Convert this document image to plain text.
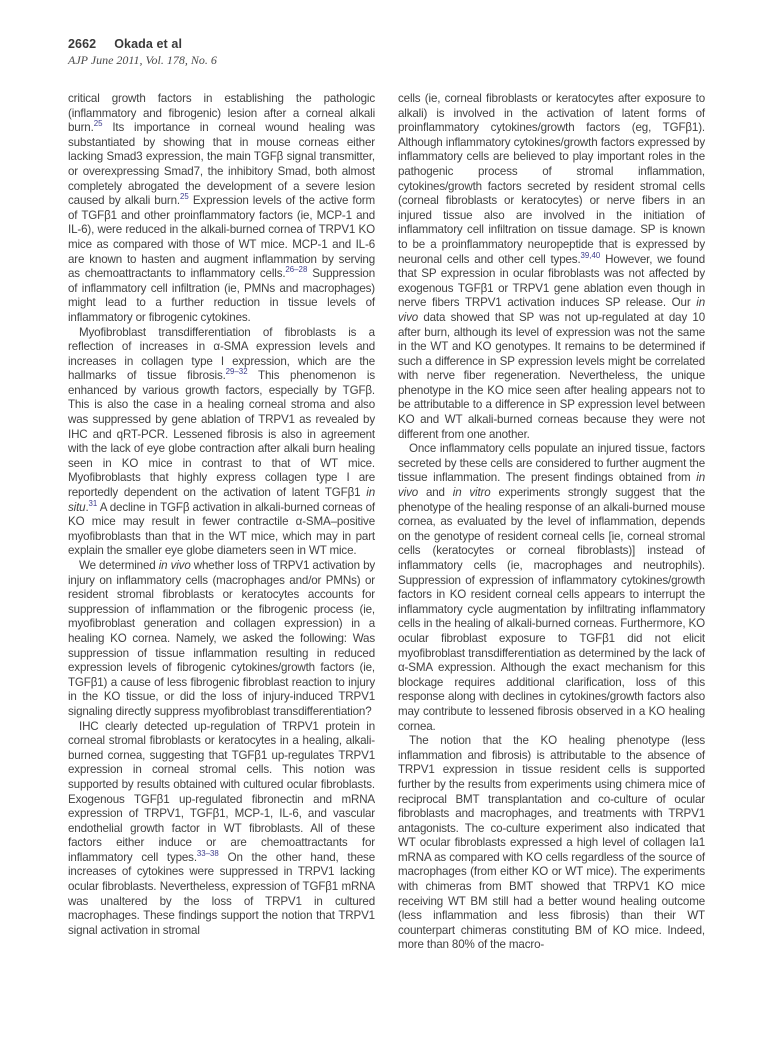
2662 Okada et al
AJP June 2011, Vol. 178, No. 6

critical growth factors in establishing the pathologic (inflammatory and fibrogenic) lesion after a corneal alkali burn.$^{25}$ Its importance in corneal wound healing was substantiated by showing that in mouse corneas either lacking Smad3 expression, the main TGFβ signal transmitter, or overexpressing Smad7, the inhibitory Smad, both almost completely abrogated the development of a severe lesion caused by alkali burn.$^{25}$ Expression levels of the active form of TGFβ1 and other proinflammatory factors (ie, MCP-1 and IL-6), were reduced in the alkali-burned cornea of TRPV1 KO mice as compared with those of WT mice. MCP-1 and IL-6 are known to hasten and augment inflammation by serving as chemoattractants to inflammatory cells.$^{26-28}$ Suppression of inflammatory cell infiltration (ie, PMNs and macrophages) might lead to a further reduction in tissue levels of inflammatory or fibrogenic cytokines.

Myofibroblast transdifferentiation of fibroblasts is a reflection of increases in α-SMA expression levels and increases in collagen type I expression, which are the hallmarks of tissue fibrosis.$^{29-32}$ This phenomenon is enhanced by various growth factors, especially by TGFβ. This is also the case in a healing corneal stroma and also was suppressed by gene ablation of TRPV1 as revealed by IHC and qRT-PCR. Lessened fibrosis is also in agreement with the lack of eye globe contraction after alkali burn healing seen in KO mice in contrast to that of WT mice. Myofibroblasts that highly express collagen type I are reportedly dependent on the activation of latent TGFβ1 in situ.$^{31}$ A decline in TGFβ activation in alkali-burned corneas of KO mice may result in fewer contractile α-SMA–positive myofibroblasts than that in the WT mice, which may in part explain the smaller eye globe diameters seen in WT mice.

We determined in vivo whether loss of TRPV1 activation by injury on inflammatory cells (macrophages and/or PMNs) or resident stromal fibroblasts or keratocytes accounts for suppression of inflammation or the fibrogenic process (ie, myofibroblast generation and collagen expression) in a healing KO cornea. Namely, we asked the following: Was suppression of tissue inflammation resulting in reduced expression levels of fibrogenic cytokines/growth factors (ie, TGFβ1) a cause of less fibrogenic fibroblast reaction to injury in the KO tissue, or did the loss of injury-induced TRPV1 signaling directly suppress myofibroblast transdifferentiation?

IHC clearly detected up-regulation of TRPV1 protein in corneal stromal fibroblasts or keratocytes in a healing, alkali-burned cornea, suggesting that TGFβ1 up-regulates TRPV1 expression in corneal stromal cells. This notion was supported by results obtained with cultured ocular fibroblasts. Exogenous TGFβ1 up-regulated fibronectin and mRNA expression of TRPV1, TGFβ1, MCP-1, IL-6, and vascular endothelial growth factor in WT fibroblasts. All of these factors either induce or are chemoattractants for inflammatory cell types.$^{33-38}$ On the other hand, these increases of cytokines were suppressed in TRPV1 lacking ocular fibroblasts. Nevertheless, expression of TGFβ1 mRNA was unaltered by the loss of TRPV1 in cultured macrophages. These findings support the notion that TRPV1 signal activation in stromal

cells (ie, corneal fibroblasts or keratocytes after exposure to alkali) is involved in the activation of latent forms of proinflammatory cytokines/growth factors (eg, TGFβ1). Although inflammatory cytokines/growth factors expressed by inflammatory cells are believed to play important roles in the pathogenic process of stromal inflammation, cytokines/growth factors secreted by resident stromal cells (corneal fibroblasts or keratocytes) or nerve fibers in an injured tissue also are involved in the initiation of inflammatory cell infiltration on tissue damage. SP is known to be a proinflammatory neuropeptide that is expressed by neuronal cells and other cell types.$^{39,40}$ However, we found that SP expression in ocular fibroblasts was not affected by exogenous TGFβ1 or TRPV1 gene ablation even though in nerve fibers TRPV1 activation induces SP release. Our in vivo data showed that SP was not up-regulated at day 10 after burn, although its level of expression was not the same in the WT and KO genotypes. It remains to be determined if such a difference in SP expression levels might be correlated with nerve fiber regeneration. Nevertheless, the unique phenotype in the KO mice seen after healing appears not to be attributable to a difference in SP expression level between KO and WT alkali-burned corneas because they were not different from one another.

Once inflammatory cells populate an injured tissue, factors secreted by these cells are considered to further augment the tissue inflammation. The present findings obtained from in vivo and in vitro experiments strongly suggest that the phenotype of the healing response of an alkali-burned mouse cornea, as evaluated by the level of inflammation, depends on the genotype of resident corneal cells [ie, corneal stromal cells (keratocytes or corneal fibroblasts)] instead of inflammatory cells (ie, macrophages and neutrophils). Suppression of expression of inflammatory cytokines/growth factors in KO resident corneal cells appears to interrupt the inflammatory cycle augmentation by infiltrating inflammatory cells in the healing of alkali-burned corneas. Furthermore, KO ocular fibroblast exposure to TGFβ1 did not elicit myofibroblast transdifferentiation as determined by the lack of α-SMA expression. Although the exact mechanism for this blockage requires additional clarification, loss of this response along with declines in cytokines/growth factors also may contribute to lessened fibrosis observed in a KO healing cornea.

The notion that the KO healing phenotype (less inflammation and fibrosis) is attributable to the absence of TRPV1 expression in tissue resident cells is supported further by the results from experiments using chimera mice of reciprocal BMT transplantation and co-culture of ocular fibroblasts and macrophages, and treatments with TRPV1 antagonists. The co-culture experiment also indicated that WT ocular fibroblasts expressed a high level of collagen Ia1 mRNA as compared with KO cells regardless of the source of macrophages (from either KO or WT mice). The experiments with chimeras from BMT showed that TRPV1 KO mice receiving WT BM still had a better wound healing outcome (less inflammation and less fibrosis) than their WT counterpart chimeras constituting BM of KO mice. Indeed, more than 80% of the macro-
